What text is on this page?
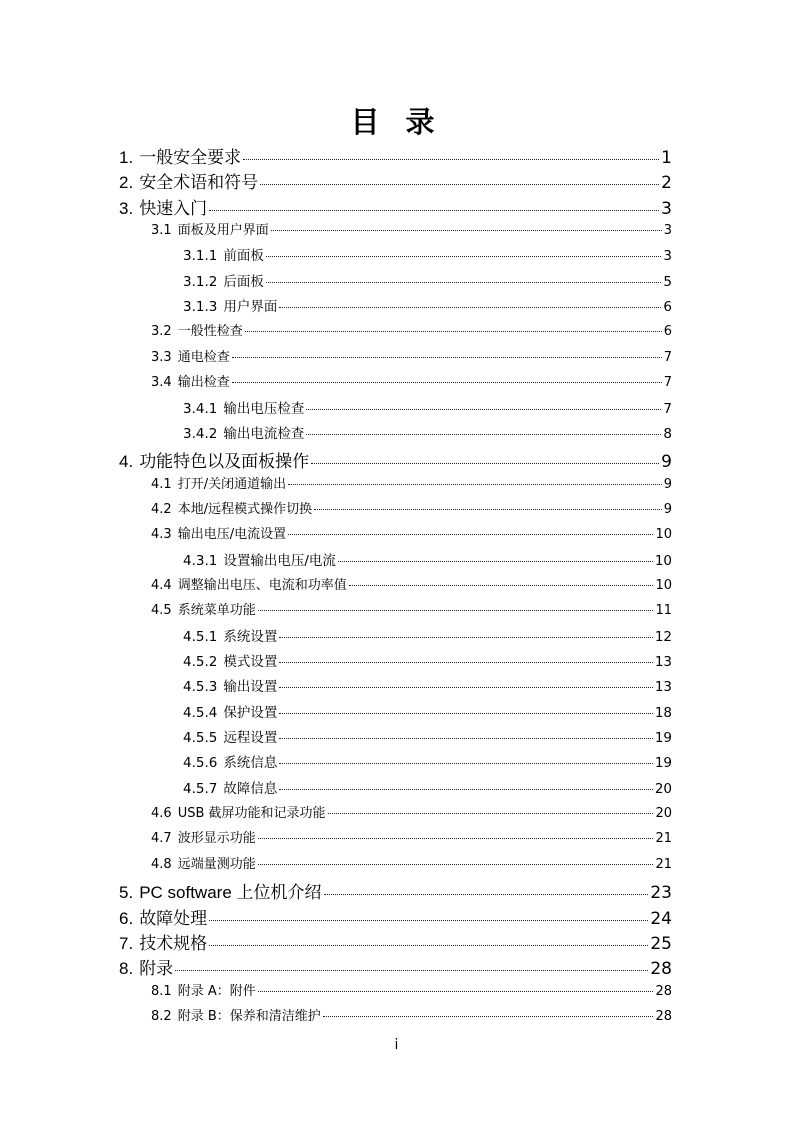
目 录
1. 一般安全要求	1
2. 安全术语和符号	2
3. 快速入门	3
3.1 面板及用户界面	3
3.1.1 前面板	3
3.1.2 后面板	5
3.1.3 用户界面	6
3.2 一般性检查	6
3.3 通电检查	7
3.4 输出检查	7
3.4.1 输出电压检查	7
3.4.2 输出电流检查	8
4. 功能特色以及面板操作	9
4.1 打开/关闭通道输出	9
4.2 本地/远程模式操作切换	9
4.3 输出电压/电流设置	10
4.3.1 设置输出电压/电流	10
4.4 调整输出电压、电流和功率值	10
4.5 系统菜单功能	11
4.5.1 系统设置	12
4.5.2 模式设置	13
4.5.3 输出设置	13
4.5.4 保护设置	18
4.5.5 远程设置	19
4.5.6 系统信息	19
4.5.7 故障信息	20
4.6 USB 截屏功能和记录功能	20
4.7 波形显示功能	21
4.8 远端量测功能	21
5. PC software 上位机介绍	23
6. 故障处理	24
7. 技术规格	25
8. 附录	28
8.1 附录 A：附件	28
8.2 附录 B：保养和清洁维护	28
i
